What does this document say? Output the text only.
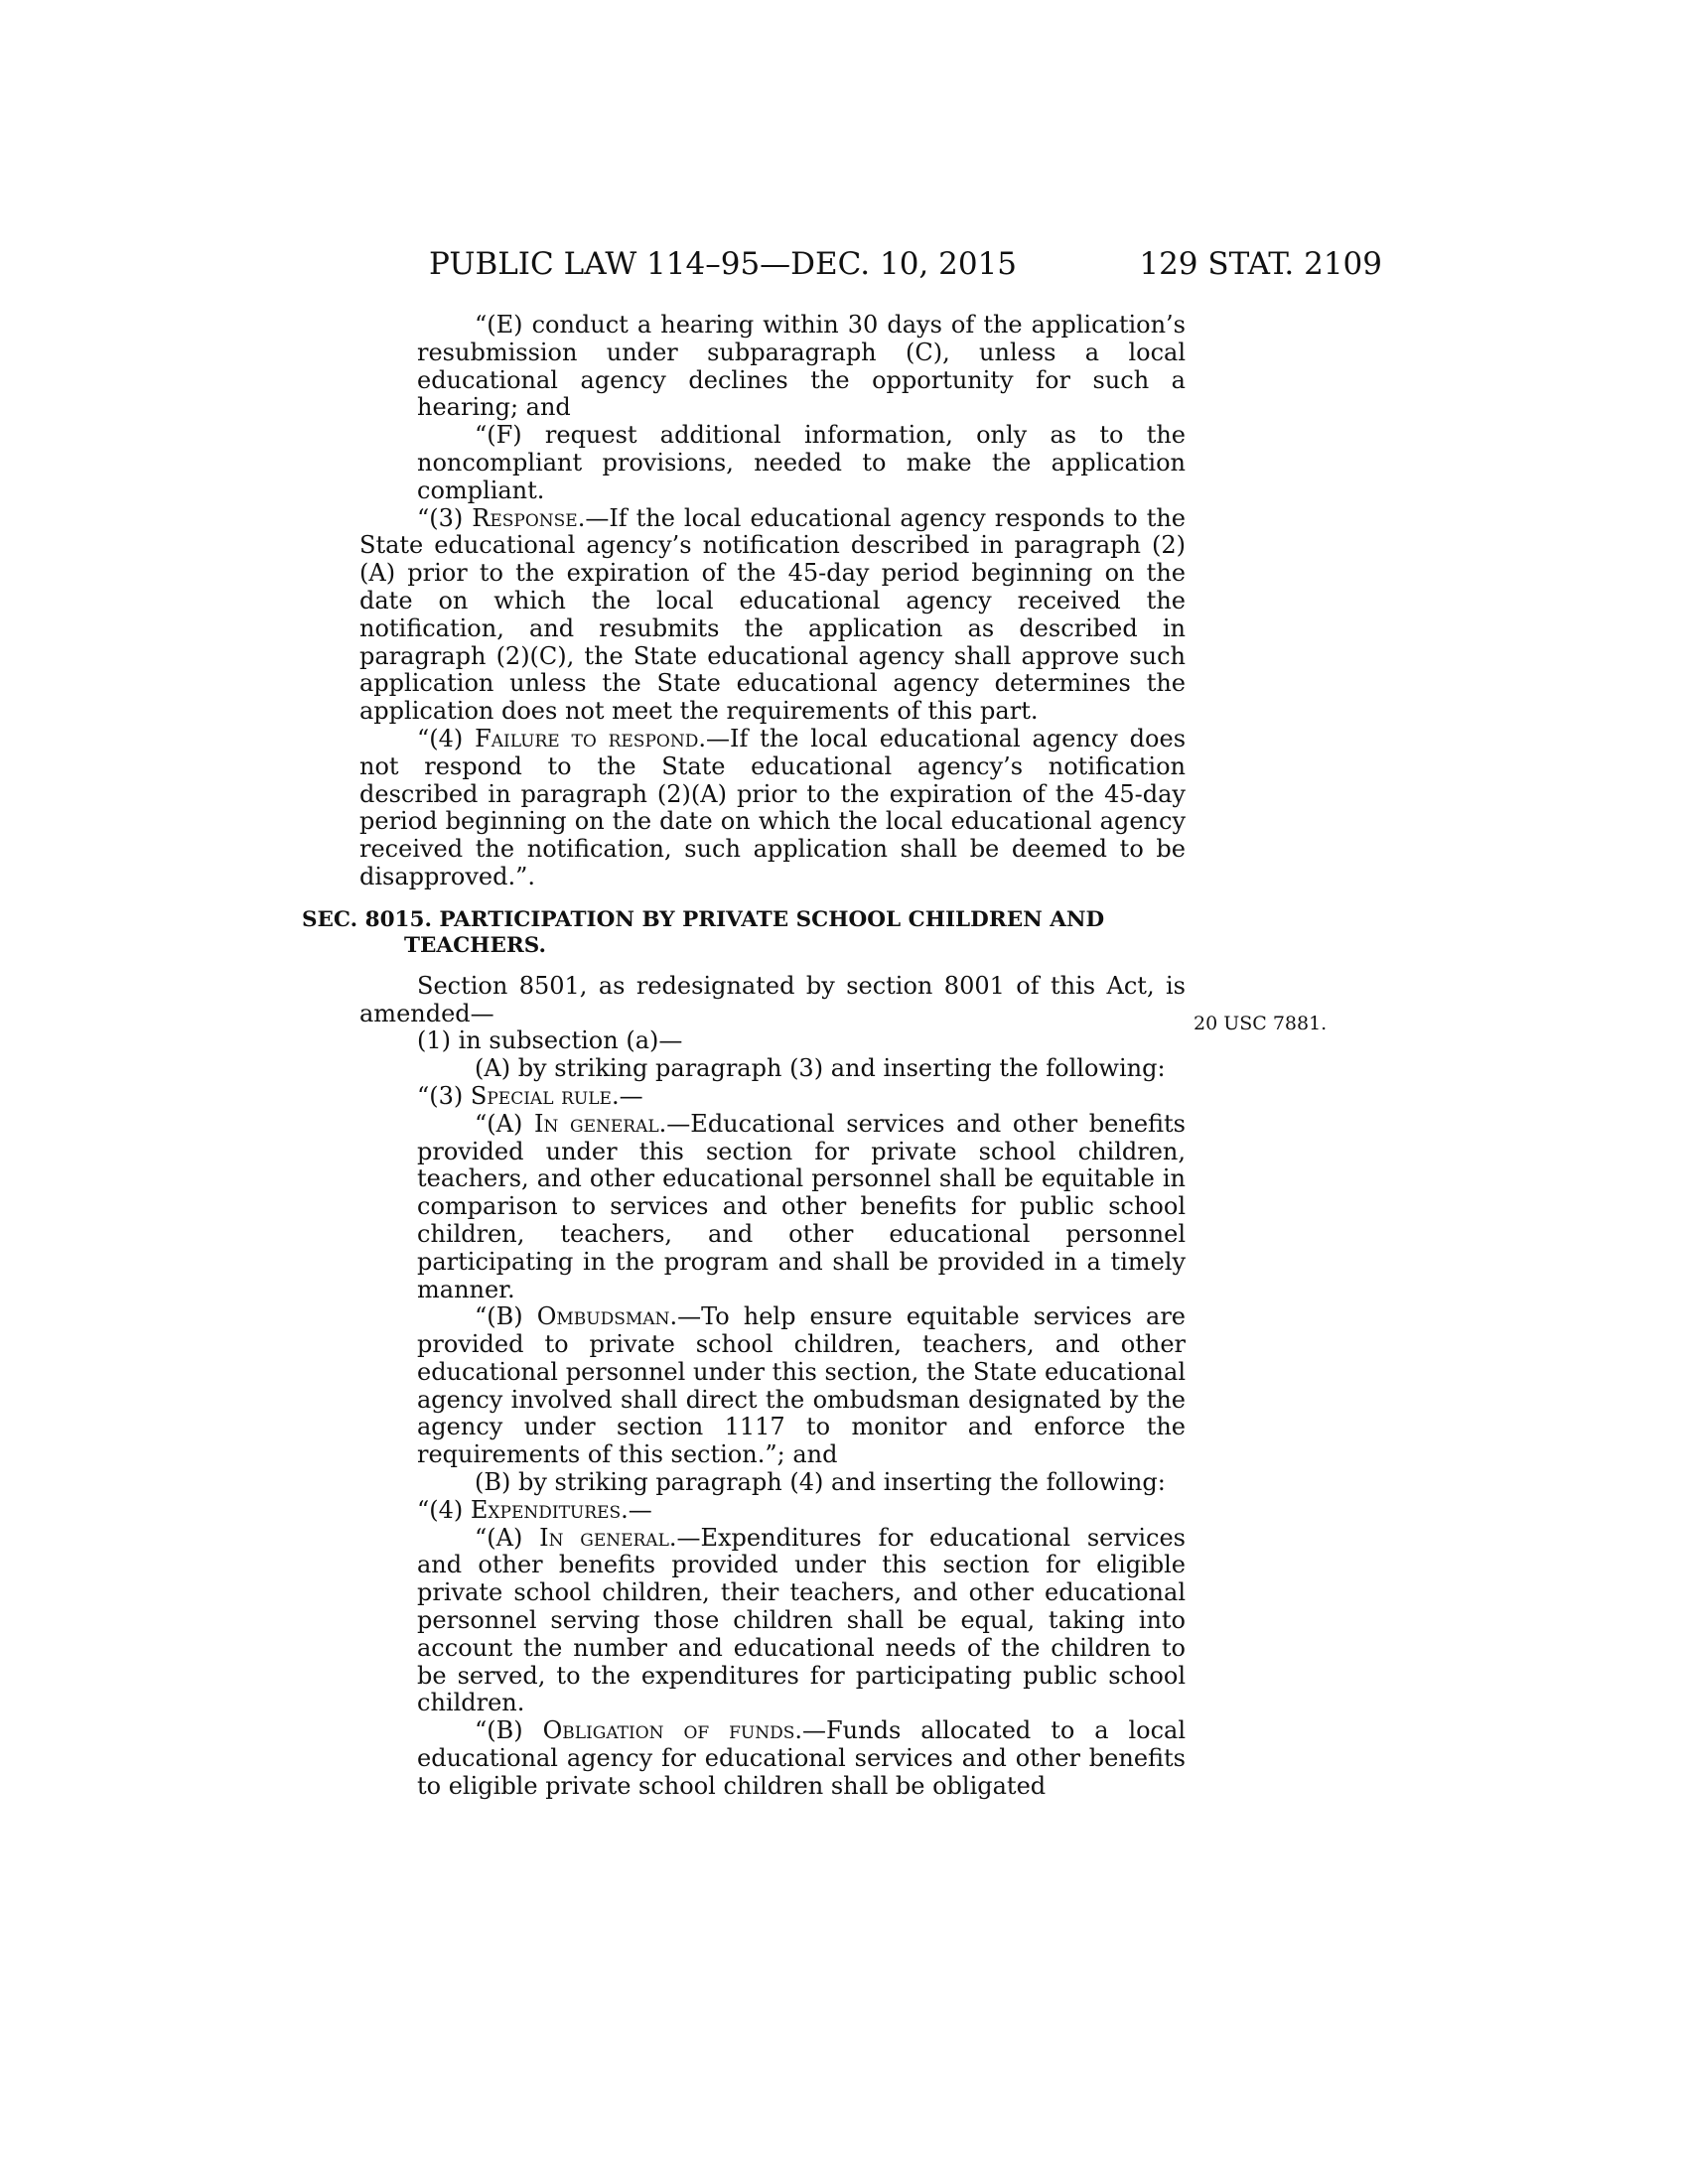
PUBLIC LAW 114–95—DEC. 10, 2015	129 STAT. 2109
20 USC 7881.

“(E) conduct a hearing within 30 days of the application’s resubmission under subparagraph (C), unless a local educational agency declines the opportunity for such a hearing; and

“(F) request additional information, only as to the noncompliant provisions, needed to make the application compliant.

“(3) Response.—If the local educational agency responds to the State educational agency’s notification described in paragraph (2)(A) prior to the expiration of the 45-day period beginning on the date on which the local educational agency received the notification, and resubmits the application as described in paragraph (2)(C), the State educational agency shall approve such application unless the State educational agency determines the application does not meet the requirements of this part.

“(4) Failure to respond.—If the local educational agency does not respond to the State educational agency’s notification described in paragraph (2)(A) prior to the expiration of the 45-day period beginning on the date on which the local educational agency received the notification, such application shall be deemed to be disapproved.”.

SEC. 8015. PARTICIPATION BY PRIVATE SCHOOL CHILDREN AND
TEACHERS.

Section 8501, as redesignated by section 8001 of this Act, is amended—

(1) in subsection (a)—

(A) by striking paragraph (3) and inserting the following:

“(3) Special rule.—

“(A) In general.—Educational services and other benefits provided under this section for private school children, teachers, and other educational personnel shall be equitable in comparison to services and other benefits for public school children, teachers, and other educational personnel participating in the program and shall be provided in a timely manner.

“(B) Ombudsman.—To help ensure equitable services are provided to private school children, teachers, and other educational personnel under this section, the State educational agency involved shall direct the ombudsman designated by the agency under section 1117 to monitor and enforce the requirements of this section.”; and

(B) by striking paragraph (4) and inserting the following:

“(4) Expenditures.—

“(A) In general.—Expenditures for educational services and other benefits provided under this section for eligible private school children, their teachers, and other educational personnel serving those children shall be equal, taking into account the number and educational needs of the children to be served, to the expenditures for participating public school children.

“(B) Obligation of funds.—Funds allocated to a local educational agency for educational services and other benefits to eligible private school children shall be obligated
